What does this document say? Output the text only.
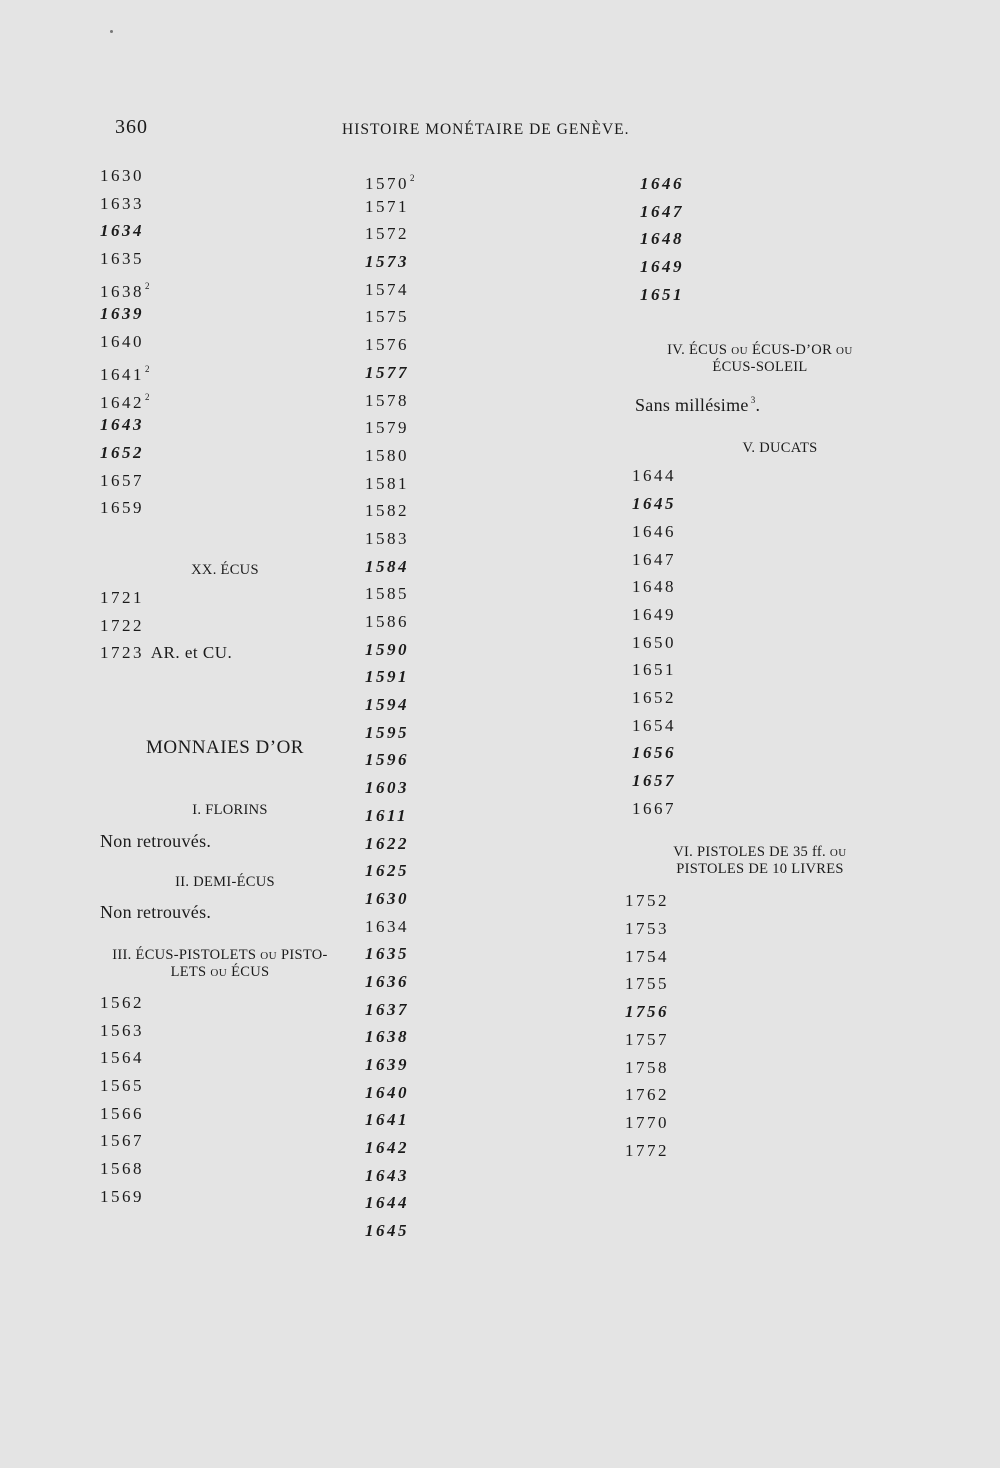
360	HISTOIRE MONÉTAIRE DE GENÈVE.
1630
1633
1634
1635
1638$^2$
1639
1640
1641$^2$
1642$^2$
1643
1652
1657
1659
XX. ÉCUS
1721
1722
1723 AR. et CU.
MONNAIES D’OR
I. FLORINS
Non retrouvés.
II. DEMI-ÉCUS
Non retrouvés.
III. ÉCUS-PISTOLETS OU PISTO-
LETS OU ÉCUS
1562
1563
1564
1565
1566
1567
1568
1569
1570$^2$
1571
1572
1573
1574
1575
1576
1577
1578
1579
1580
1581
1582
1583
1584
1585
1586
1590
1591
1594
1595
1596
1603
1611
1622
1625
1630
1634
1635
1636
1637
1638
1639
1640
1641
1642
1643
1644
1645
1646
1647
1648
1649
1651
IV. ÉCUS OU ÉCUS-D’OR OU
ÉCUS-SOLEIL
Sans millésime $^3$.
V. DUCATS
1644
1645
1646
1647
1648
1649
1650
1651
1652
1654
1656
1657
1667
VI. PISTOLES DE 35 ff. OU
PISTOLES DE 10 LIVRES
1752
1753
1754
1755
1756
1757
1758
1762
1770
1772
